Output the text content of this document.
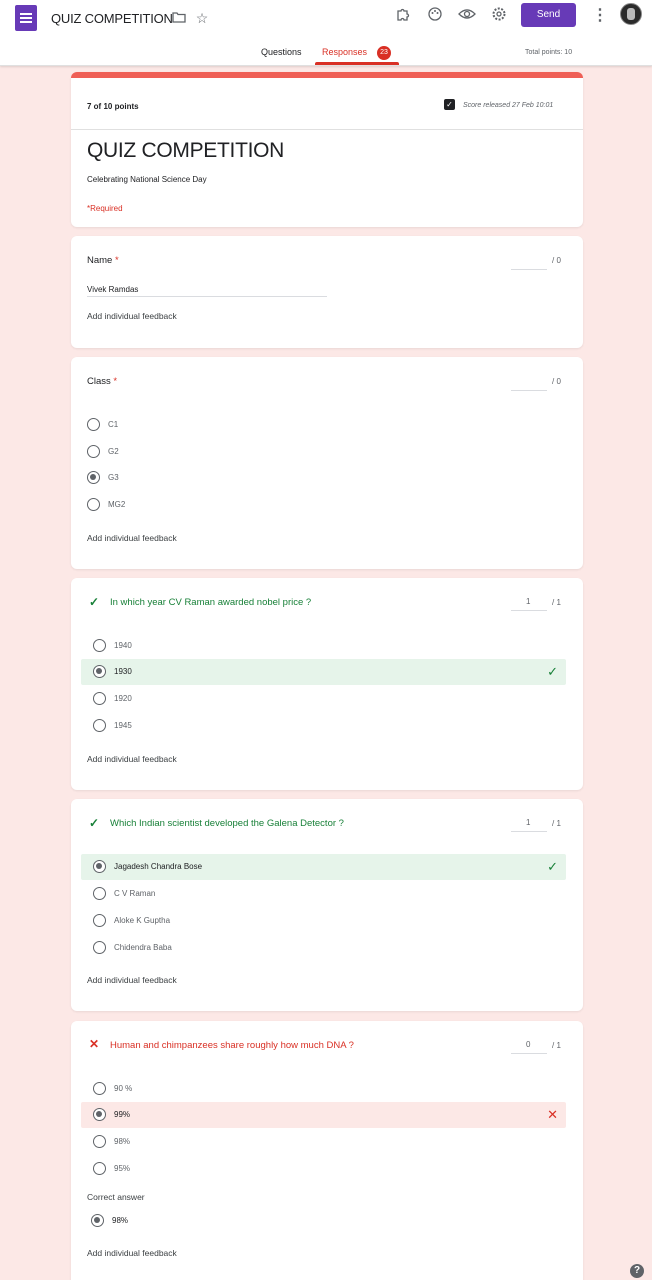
QUIZ COMPETITION ☆	Send	⋮
Questions Responses	23	Total points: 10
7 of 10 points	✓	Score released 27 Feb 10:01
QUIZ COMPETITION
Celebrating National Science Day
*Required
Name *	/ 0
Vivek Ramdas
Add individual feedback
Class *	/ 0
C1
G2
G3
MG2
Add individual feedback
✓ In which year CV Raman awarded nobel price ?	1	/ 1
1940
1930	✓
1920
1945
Add individual feedback
✓ Which Indian scientist developed the Galena Detector ?	1	/ 1
Jagadesh Chandra Bose	✓
C V Raman
Aloke K Guptha
Chidendra Baba
Add individual feedback
✕ Human and chimpanzees share roughly how much DNA ?	0	/ 1
90 %
99%	✕
98%
95%
Correct answer
98%
Add individual feedback
?
